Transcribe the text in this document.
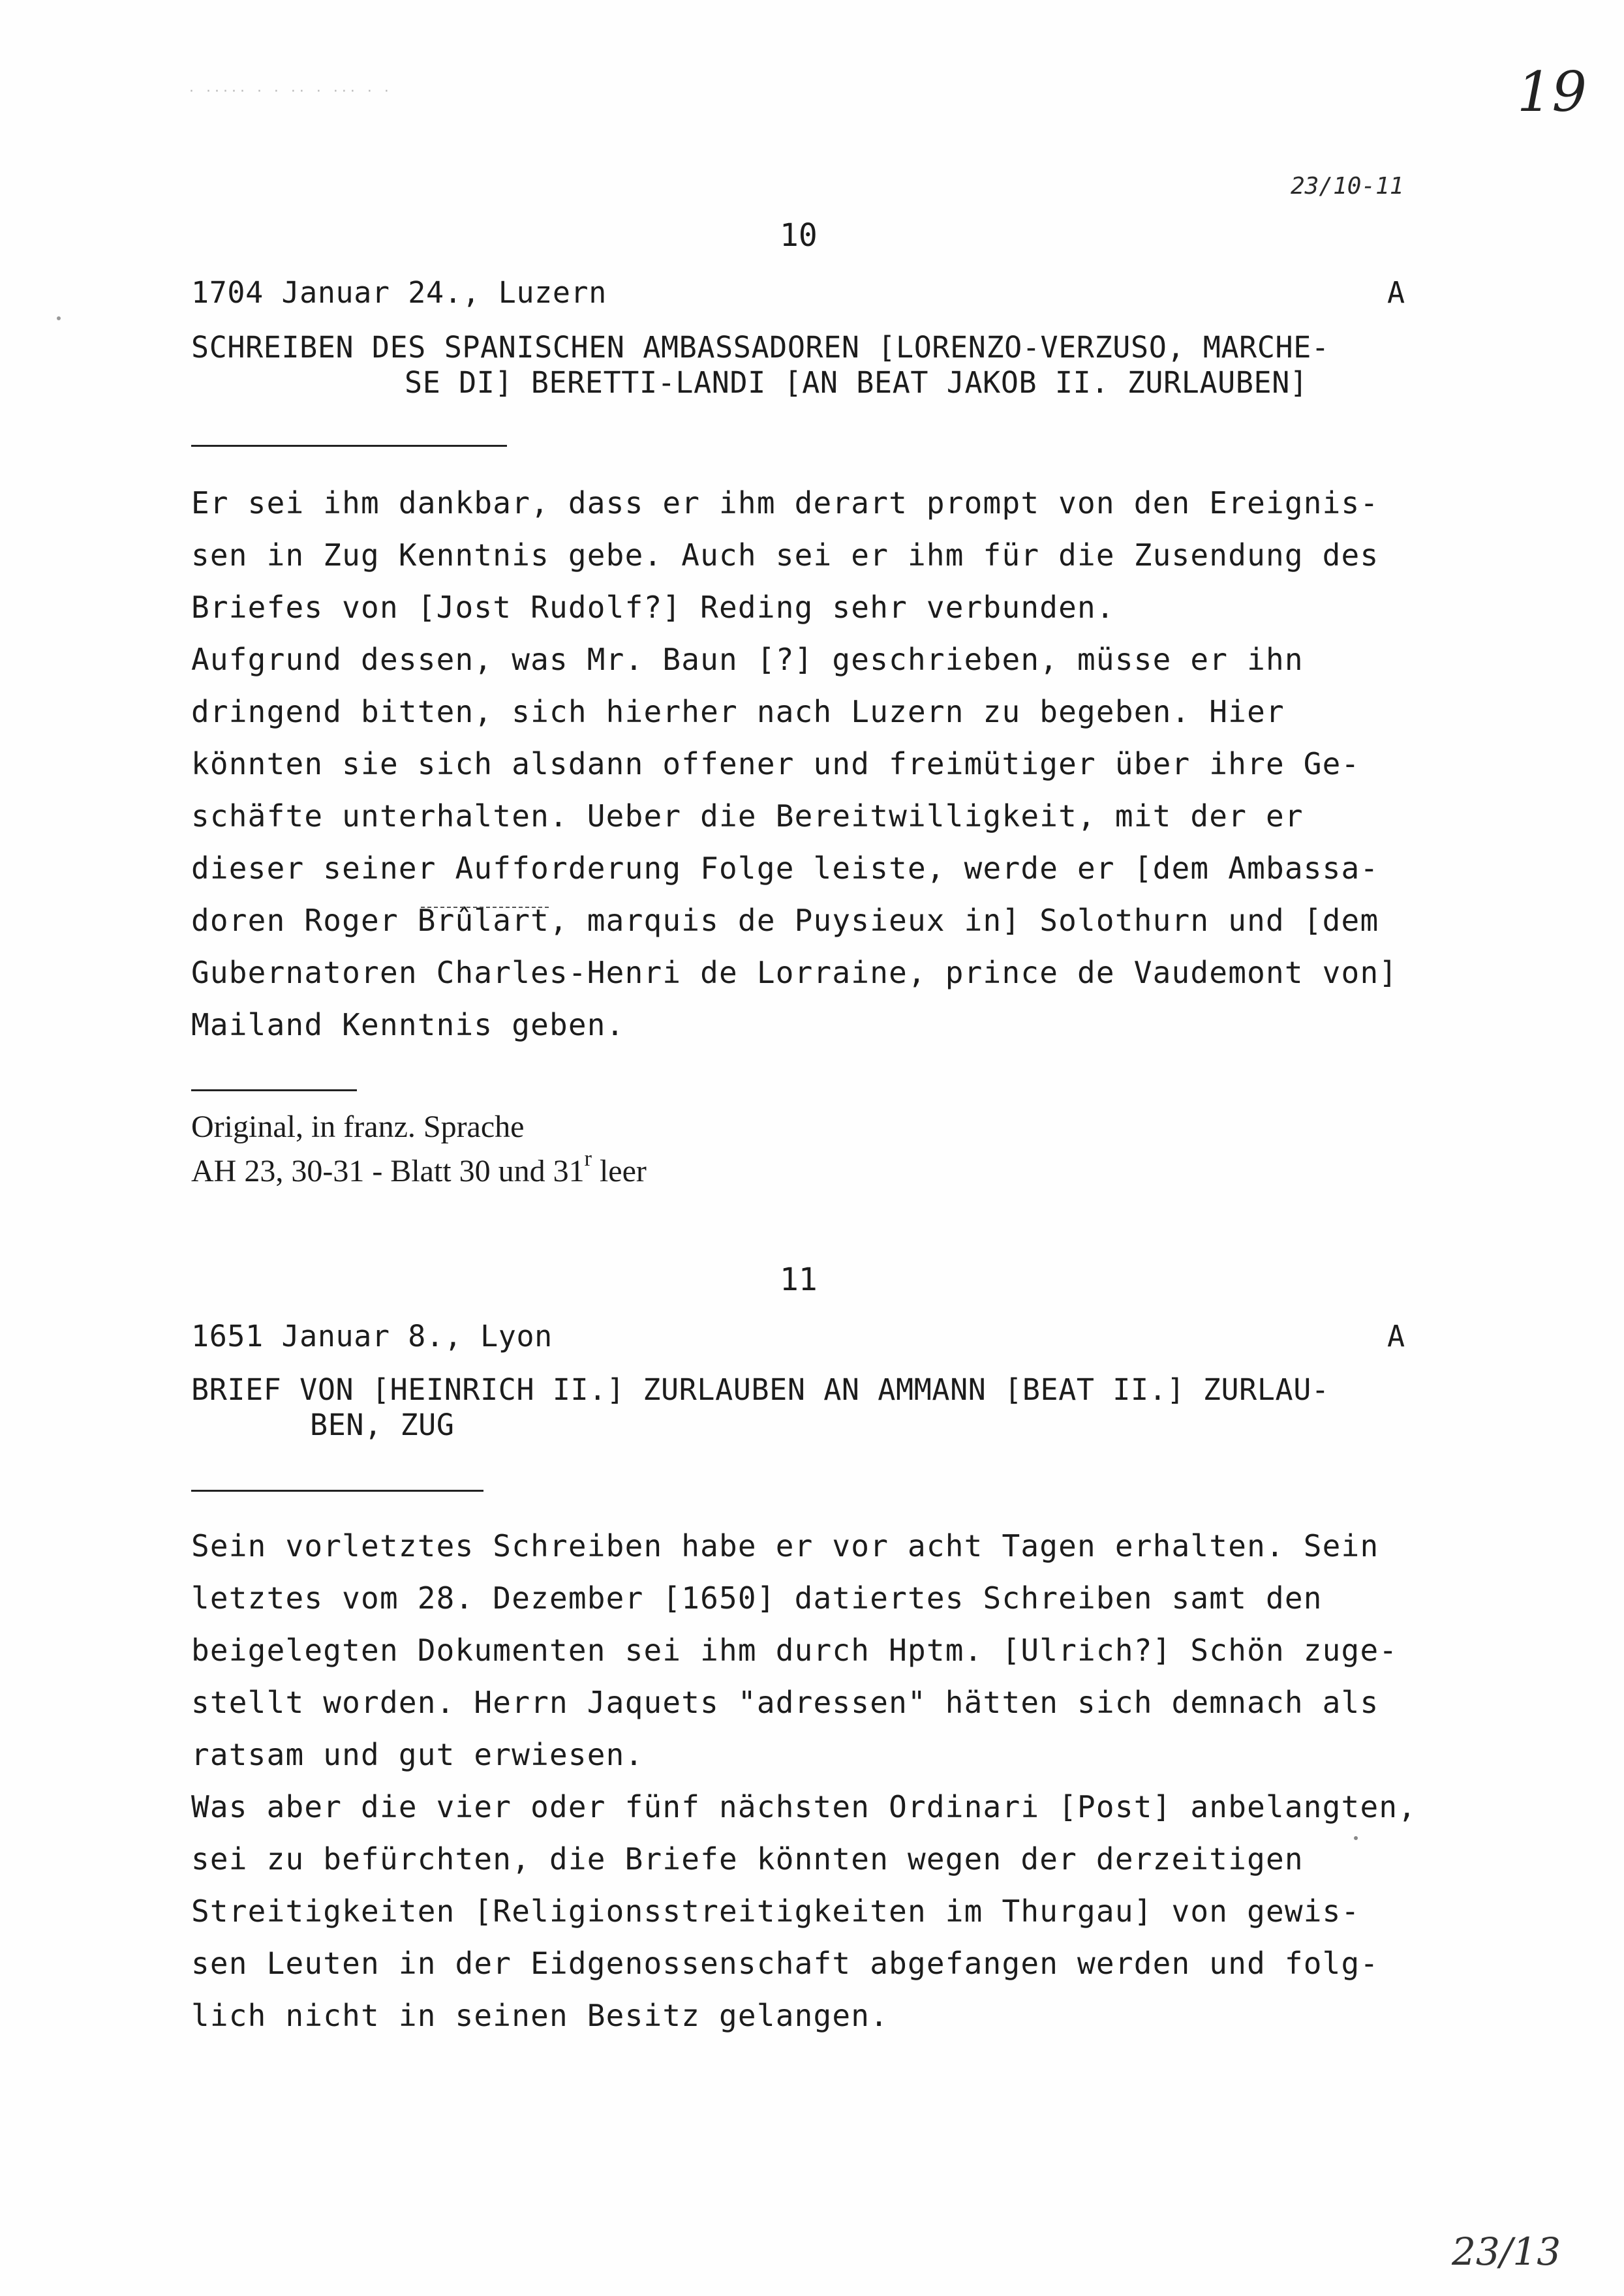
· ····· · · ·· · ··· · ·	19
23/10-11
10
1704 Januar 24., Luzern	A
SCHREIBEN DES SPANISCHEN AMBASSADOREN [LORENZO-VERZUSO, MARCHE-
SE DI] BERETTI-LANDI [AN BEAT JAKOB II. ZURLAUBEN]
Er sei ihm dankbar, dass er ihm derart prompt von den Ereignis-
sen in Zug Kenntnis gebe. Auch sei er ihm für die Zusendung des
Briefes von [Jost Rudolf?] Reding sehr verbunden.
Aufgrund dessen, was Mr. Baun [?] geschrieben, müsse er ihn
dringend bitten, sich hierher nach Luzern zu begeben. Hier
könnten sie sich alsdann offener und freimütiger über ihre Ge-
schäfte unterhalten. Ueber die Bereitwilligkeit, mit der er
dieser seiner Aufforderung Folge leiste, werde er [dem Ambassa-
doren Roger Brûlart, marquis de Puysieux in] Solothurn und [dem
Gubernatoren Charles-Henri de Lorraine, prince de Vaudemont von]
Mailand Kenntnis geben.
Original, in franz. Sprache
AH 23, 30-31 - Blatt 30 und 31$^r$ leer
11
1651 Januar 8., Lyon	A
BRIEF VON [HEINRICH II.] ZURLAUBEN AN AMMANN [BEAT II.] ZURLAU-
BEN, ZUG
Sein vorletztes Schreiben habe er vor acht Tagen erhalten. Sein
letztes vom 28. Dezember [1650] datiertes Schreiben samt den
beigelegten Dokumenten sei ihm durch Hptm. [Ulrich?] Schön zuge-
stellt worden. Herrn Jaquets "adressen" hätten sich demnach als
ratsam und gut erwiesen.
Was aber die vier oder fünf nächsten Ordinari [Post] anbelangten,
sei zu befürchten, die Briefe könnten wegen der derzeitigen
Streitigkeiten [Religionsstreitigkeiten im Thurgau] von gewis-
sen Leuten in der Eidgenossenschaft abgefangen werden und folg-
lich nicht in seinen Besitz gelangen.
23/13
